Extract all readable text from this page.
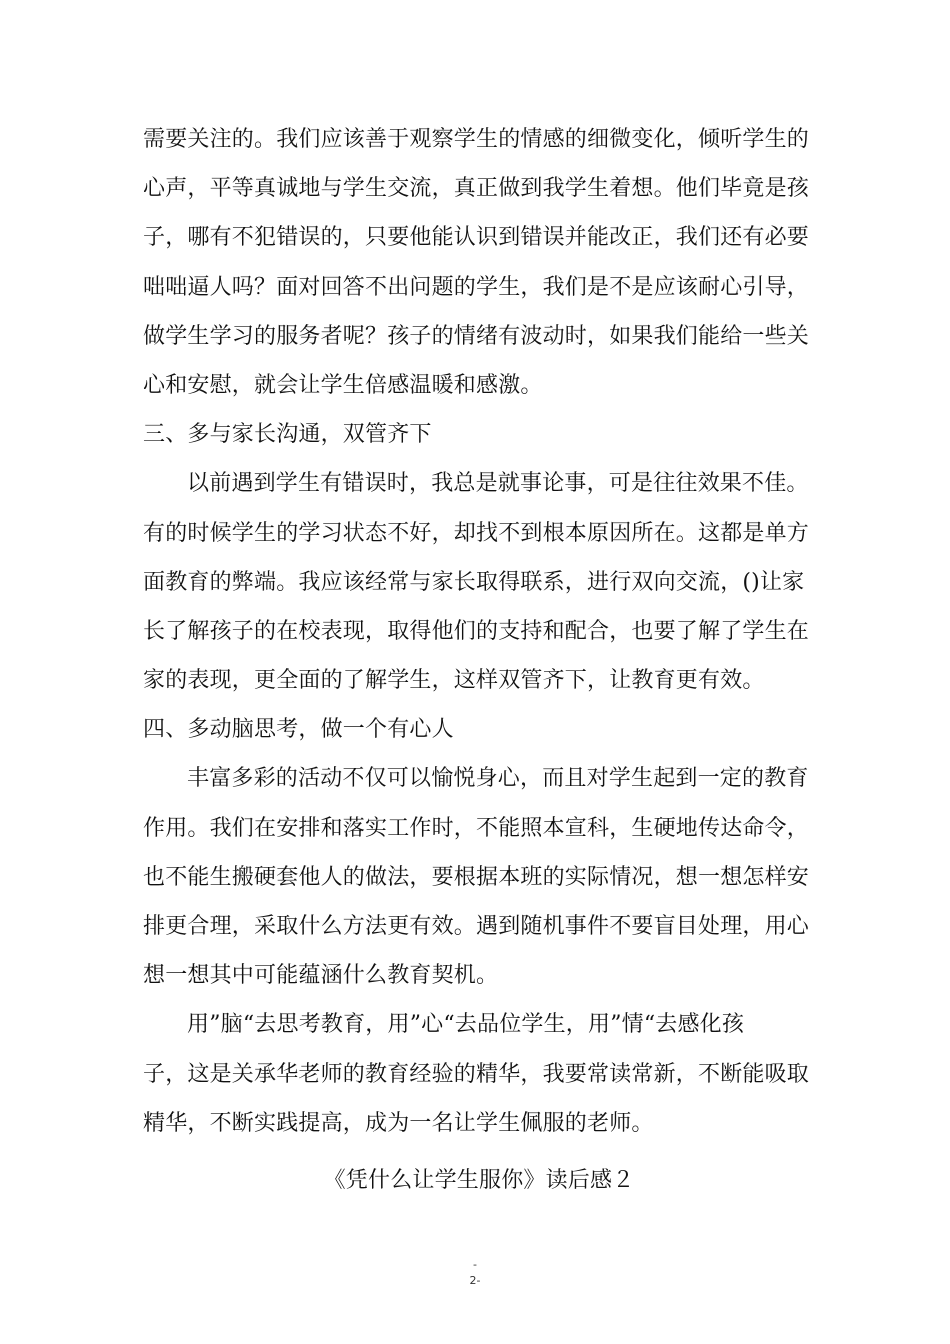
需要关注的。我们应该善于观察学生的情感的细微变化，倾听学生的
心声，平等真诚地与学生交流，真正做到我学生着想。他们毕竟是孩
子，哪有不犯错误的，只要他能认识到错误并能改正，我们还有必要
咄咄逼人吗？面对回答不出问题的学生，我们是不是应该耐心引导，
做学生学习的服务者呢？孩子的情绪有波动时，如果我们能给一些关
心和安慰，就会让学生倍感温暖和感激。
三、多与家长沟通，双管齐下
以前遇到学生有错误时，我总是就事论事，可是往往效果不佳。
有的时候学生的学习状态不好，却找不到根本原因所在。这都是单方
面教育的弊端。我应该经常与家长取得联系，进行双向交流，()让家
长了解孩子的在校表现，取得他们的支持和配合，也要了解了学生在
家的表现，更全面的了解学生，这样双管齐下，让教育更有效。
四、多动脑思考，做一个有心人
丰富多彩的活动不仅可以愉悦身心，而且对学生起到一定的教育
作用。我们在安排和落实工作时，不能照本宣科，生硬地传达命令，
也不能生搬硬套他人的做法，要根据本班的实际情况，想一想怎样安
排更合理，采取什么方法更有效。遇到随机事件不要盲目处理，用心
想一想其中可能蕴涵什么教育契机。
用”脑“去思考教育，用”心“去品位学生，用”情“去感化孩
子，这是关承华老师的教育经验的精华，我要常读常新，不断能吸取
精华，不断实践提高，成为一名让学生佩服的老师。
《凭什么让学生服你》读后感２
-
2-
